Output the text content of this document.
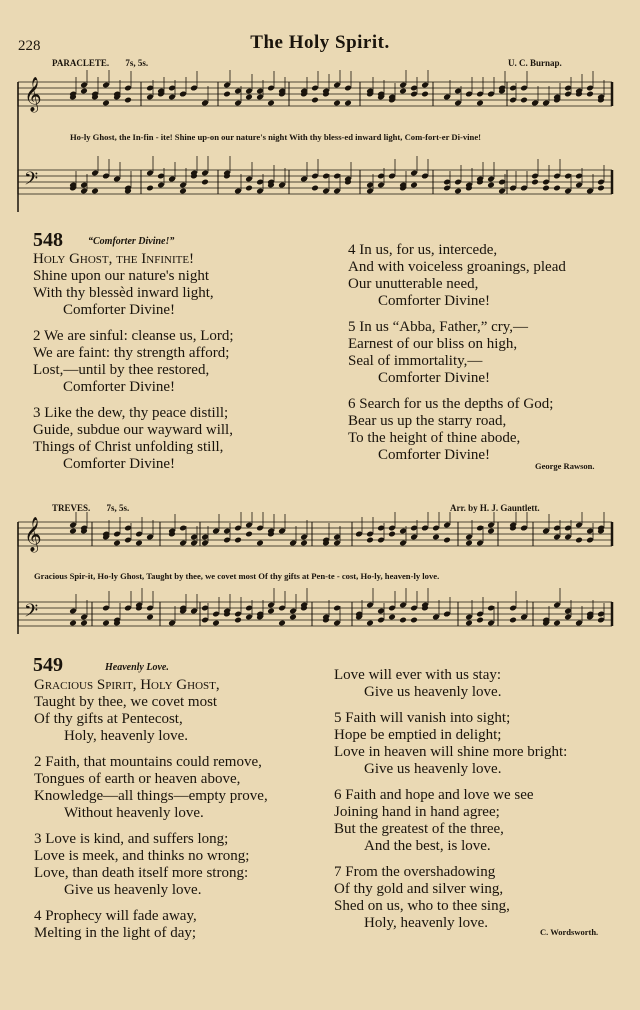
228	The Holy Spirit.
PARACLETE. 7s, 5s.	U. C. Burnap.
𝄞
𝄢
Ho-ly Ghost, the In-fin - ite! Shine up-on our nature's night With thy bless-ed inward light, Com-fort-er Di-vine!
548	“Comforter Divine!”

Holy Ghost, the Infinite!

Shine upon our nature's night

With thy blessèd inward light,

Comforter Divine!

2 We are sinful: cleanse us, Lord;

We are faint: thy strength afford;

Lost,—until by thee restored,

Comforter Divine!

3 Like the dew, thy peace distill;

Guide, subdue our wayward will,

Things of Christ unfolding still,

Comforter Divine!

4 In us, for us, intercede,

And with voiceless groanings, plead

Our unutterable need,

Comforter Divine!

5 In us “Abba, Father,” cry,—

Earnest of our bliss on high,

Seal of immortality,—

Comforter Divine!

6 Search for us the depths of God;

Bear us up the starry road,

To the height of thine abode,

Comforter Divine!

George Rawson.
TREVES. 7s, 5s.	Arr. by H. J. Gauntlett.
𝄞
𝄢
Gracious Spir-it, Ho-ly Ghost, Taught by thee, we covet most Of thy gifts at Pen-te - cost, Ho-ly, heaven-ly love.
549	Heavenly Love.

Gracious Spirit, Holy Ghost,

Taught by thee, we covet most

Of thy gifts at Pentecost,

Holy, heavenly love.

2 Faith, that mountains could remove,

Tongues of earth or heaven above,

Knowledge—all things—empty prove,

Without heavenly love.

3 Love is kind, and suffers long;

Love is meek, and thinks no wrong;

Love, than death itself more strong:

Give us heavenly love.

4 Prophecy will fade away,

Melting in the light of day;

Love will ever with us stay:

Give us heavenly love.

5 Faith will vanish into sight;

Hope be emptied in delight;

Love in heaven will shine more bright:

Give us heavenly love.

6 Faith and hope and love we see

Joining hand in hand agree;

But the greatest of the three,

And the best, is love.

7 From the overshadowing

Of thy gold and silver wing,

Shed on us, who to thee sing,

Holy, heavenly love.

C. Wordsworth.
